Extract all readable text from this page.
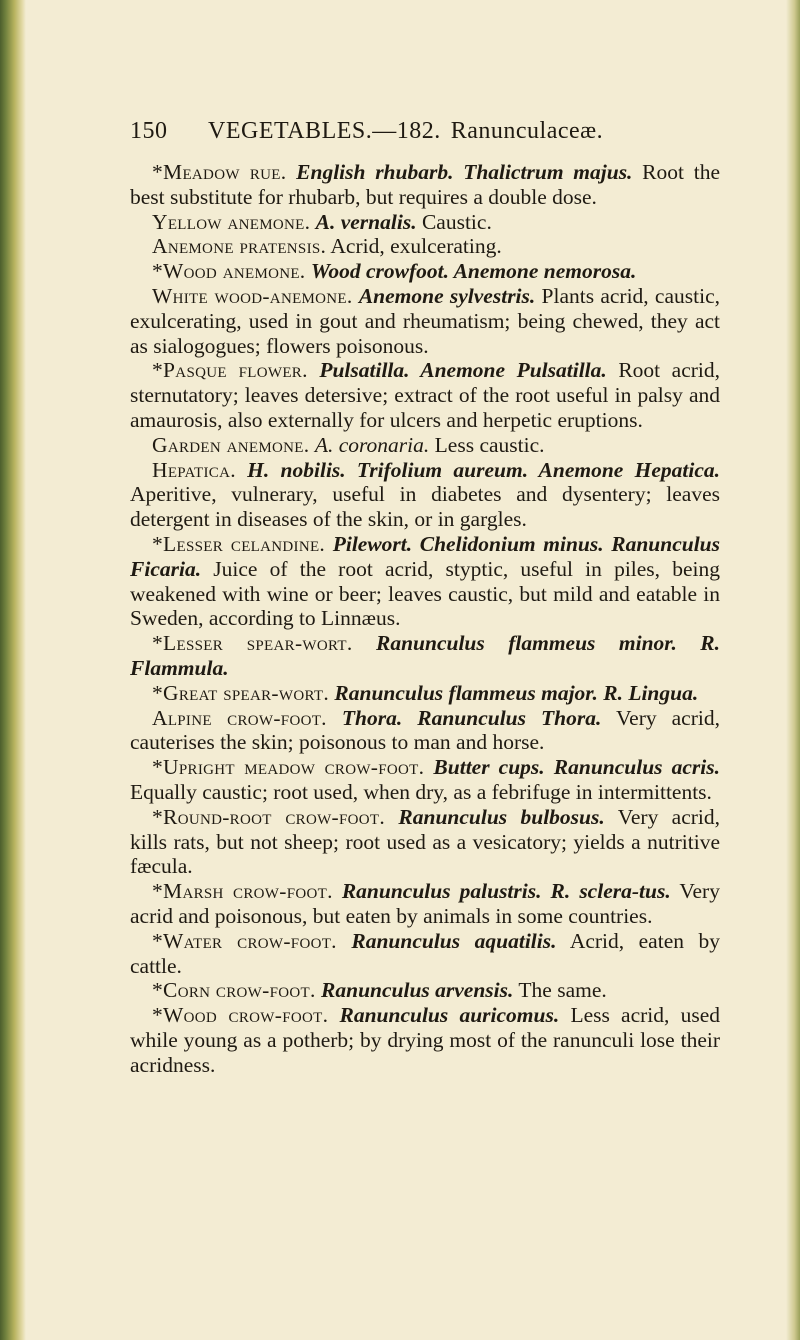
150	VEGETABLES.—182. Ranunculaceæ.

*Meadow rue. English rhubarb. Thalictrum majus. Root the best substitute for rhubarb, but requires a double dose.

Yellow anemone. A. vernalis. Caustic.

Anemone pratensis. Acrid, exulcerating.

*Wood anemone. Wood crowfoot. Anemone nemorosa.

White wood-anemone. Anemone sylvestris. Plants acrid, caustic, exulcerating, used in gout and rheumatism; being chewed, they act as sialogogues; flowers poisonous.

*Pasque flower. Pulsatilla. Anemone Pulsatilla. Root acrid, sternutatory; leaves detersive; extract of the root useful in palsy and amaurosis, also externally for ulcers and herpetic eruptions.

Garden anemone. A. coronaria. Less caustic.

Hepatica. H. nobilis. Trifolium aureum. Anemone Hepatica. Aperitive, vulnerary, useful in diabetes and dysentery; leaves detergent in diseases of the skin, or in gargles.

*Lesser celandine. Pilewort. Chelidonium minus. Ranunculus Ficaria. Juice of the root acrid, styptic, useful in piles, being weakened with wine or beer; leaves caustic, but mild and eatable in Sweden, according to Linnæus.

*Lesser spear-wort. Ranunculus flammeus minor. R. Flammula.

*Great spear-wort. Ranunculus flammeus major. R. Lingua.

Alpine crow-foot. Thora. Ranunculus Thora. Very acrid, cauterises the skin; poisonous to man and horse.

*Upright meadow crow-foot. Butter cups. Ranunculus acris. Equally caustic; root used, when dry, as a febrifuge in intermittents.

*Round-root crow-foot. Ranunculus bulbosus. Very acrid, kills rats, but not sheep; root used as a vesicatory; yields a nutritive fæcula.

*Marsh crow-foot. Ranunculus palustris. R. sclera-tus. Very acrid and poisonous, but eaten by animals in some countries.

*Water crow-foot. Ranunculus aquatilis. Acrid, eaten by cattle.

*Corn crow-foot. Ranunculus arvensis. The same.

*Wood crow-foot. Ranunculus auricomus. Less acrid, used while young as a potherb; by drying most of the ranunculi lose their acridness.
